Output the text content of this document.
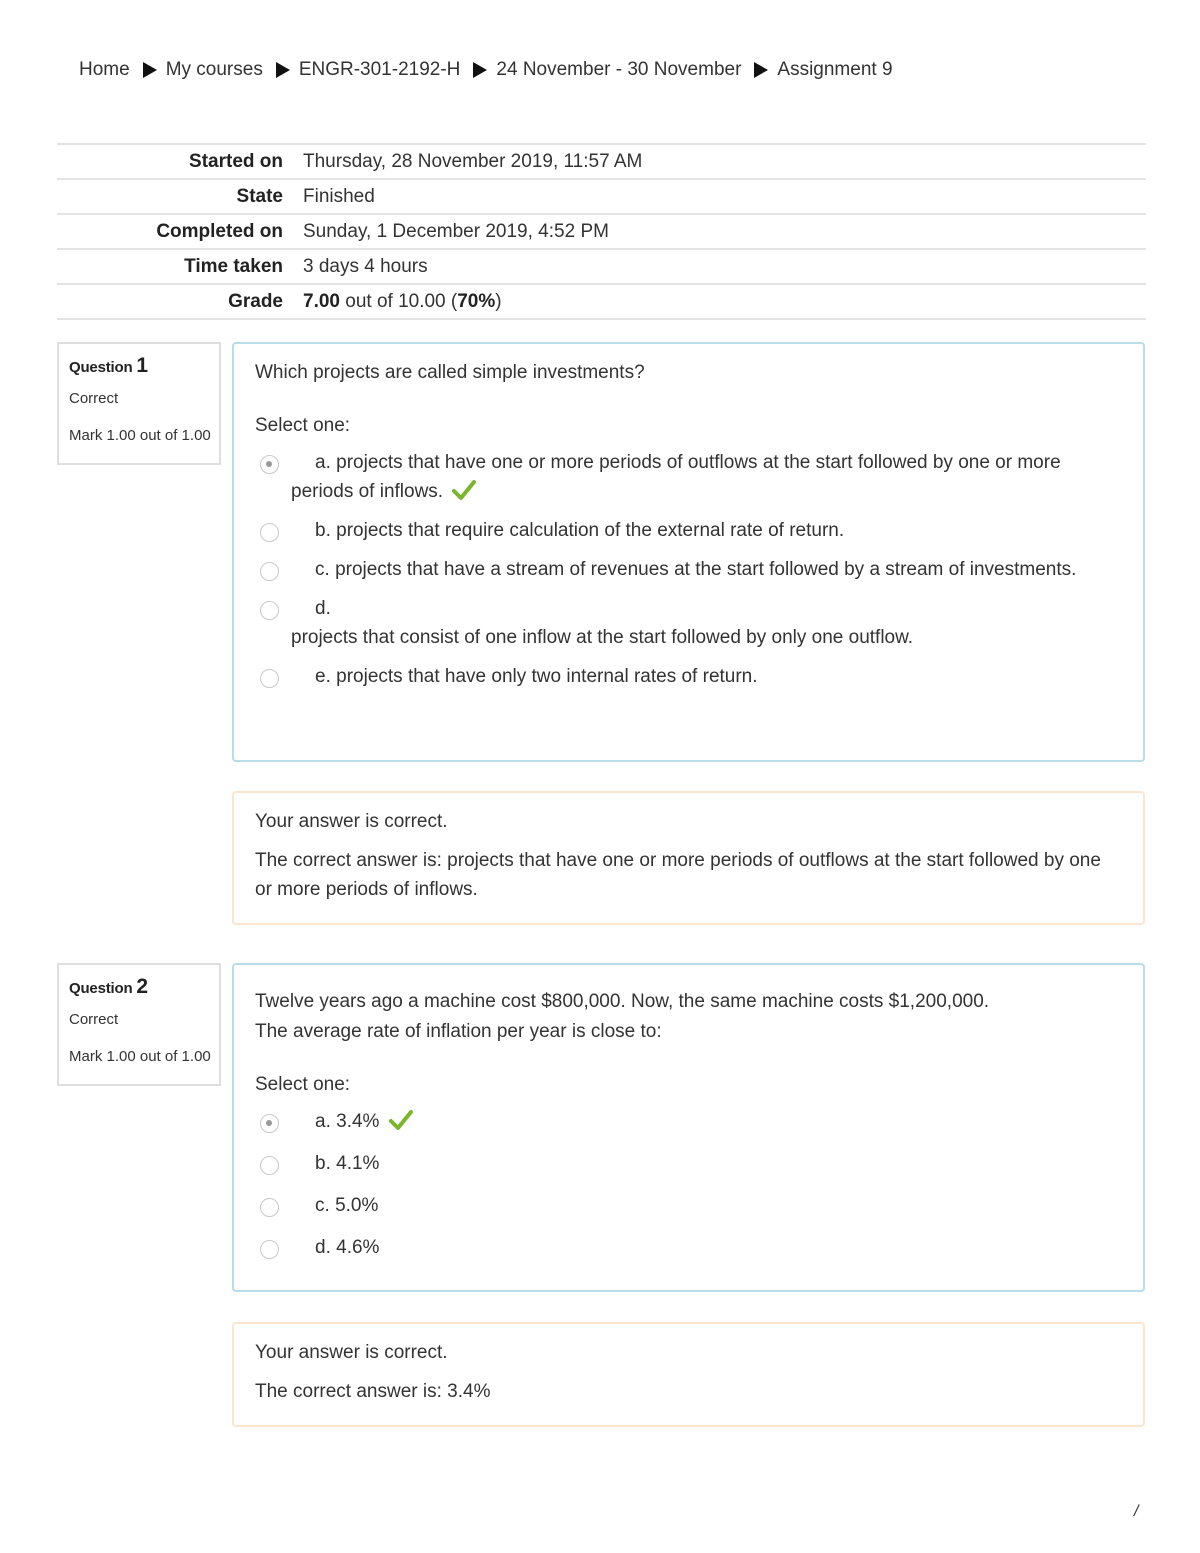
Home My courses ENGR-301-2192-H 24 November - 30 November Assignment 9
Started on	Thursday, 28 November 2019, 11:57 AM
State	Finished
Completed on	Sunday, 1 December 2019, 4:52 PM
Time taken	3 days 4 hours
Grade	7.00 out of 10.00 (70%)
Question 1
Correct
Mark 1.00 out of 1.00

Which projects are called simple investments?

Select one:
a. projects that have one or more periods of outflows at the start followed by one or more periods of inflows.
b. projects that require calculation of the external rate of return.
c. projects that have a stream of revenues at the start followed by a stream of investments.
d.
projects that consist of one inflow at the start followed by only one outflow.
e. projects that have only two internal rates of return.

Your answer is correct.

The correct answer is: projects that have one or more periods of outflows at the start followed by one or more periods of inflows.

Question 2
Correct
Mark 1.00 out of 1.00

Twelve years ago a machine cost $800,000. Now, the same machine costs $1,200,000.

The average rate of inflation per year is close to:

Select one:
a. 3.4%
b. 4.1%
c. 5.0%
d. 4.6%

Your answer is correct.

The correct answer is: 3.4%

/
